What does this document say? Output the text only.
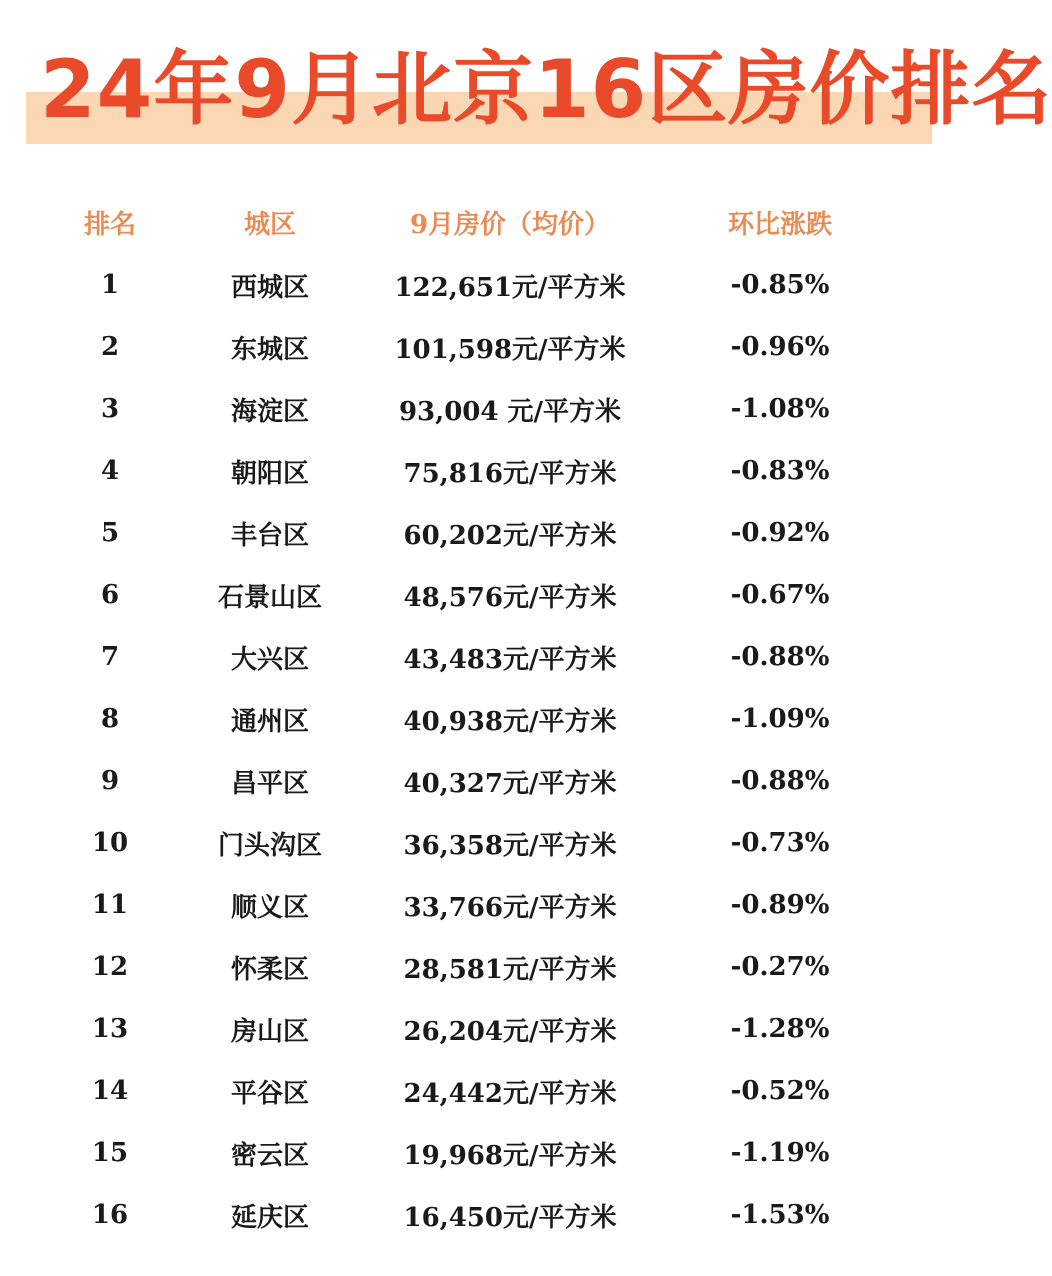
24年9月北京16区房价排名
排名	城区	9月房价（均价）	环比涨跌
1	西城区	122,651元/平方米	-0.85%
2	东城区	101,598元/平方米	-0.96%
3	海淀区	93,004 元/平方米	-1.08%
4	朝阳区	75,816元/平方米	-0.83%
5	丰台区	60,202元/平方米	-0.92%
6	石景山区	48,576元/平方米	-0.67%
7	大兴区	43,483元/平方米	-0.88%
8	通州区	40,938元/平方米	-1.09%
9	昌平区	40,327元/平方米	-0.88%
10	门头沟区	36,358元/平方米	-0.73%
11	顺义区	33,766元/平方米	-0.89%
12	怀柔区	28,581元/平方米	-0.27%
13	房山区	26,204元/平方米	-1.28%
14	平谷区	24,442元/平方米	-0.52%
15	密云区	19,968元/平方米	-1.19%
16	延庆区	16,450元/平方米	-1.53%
